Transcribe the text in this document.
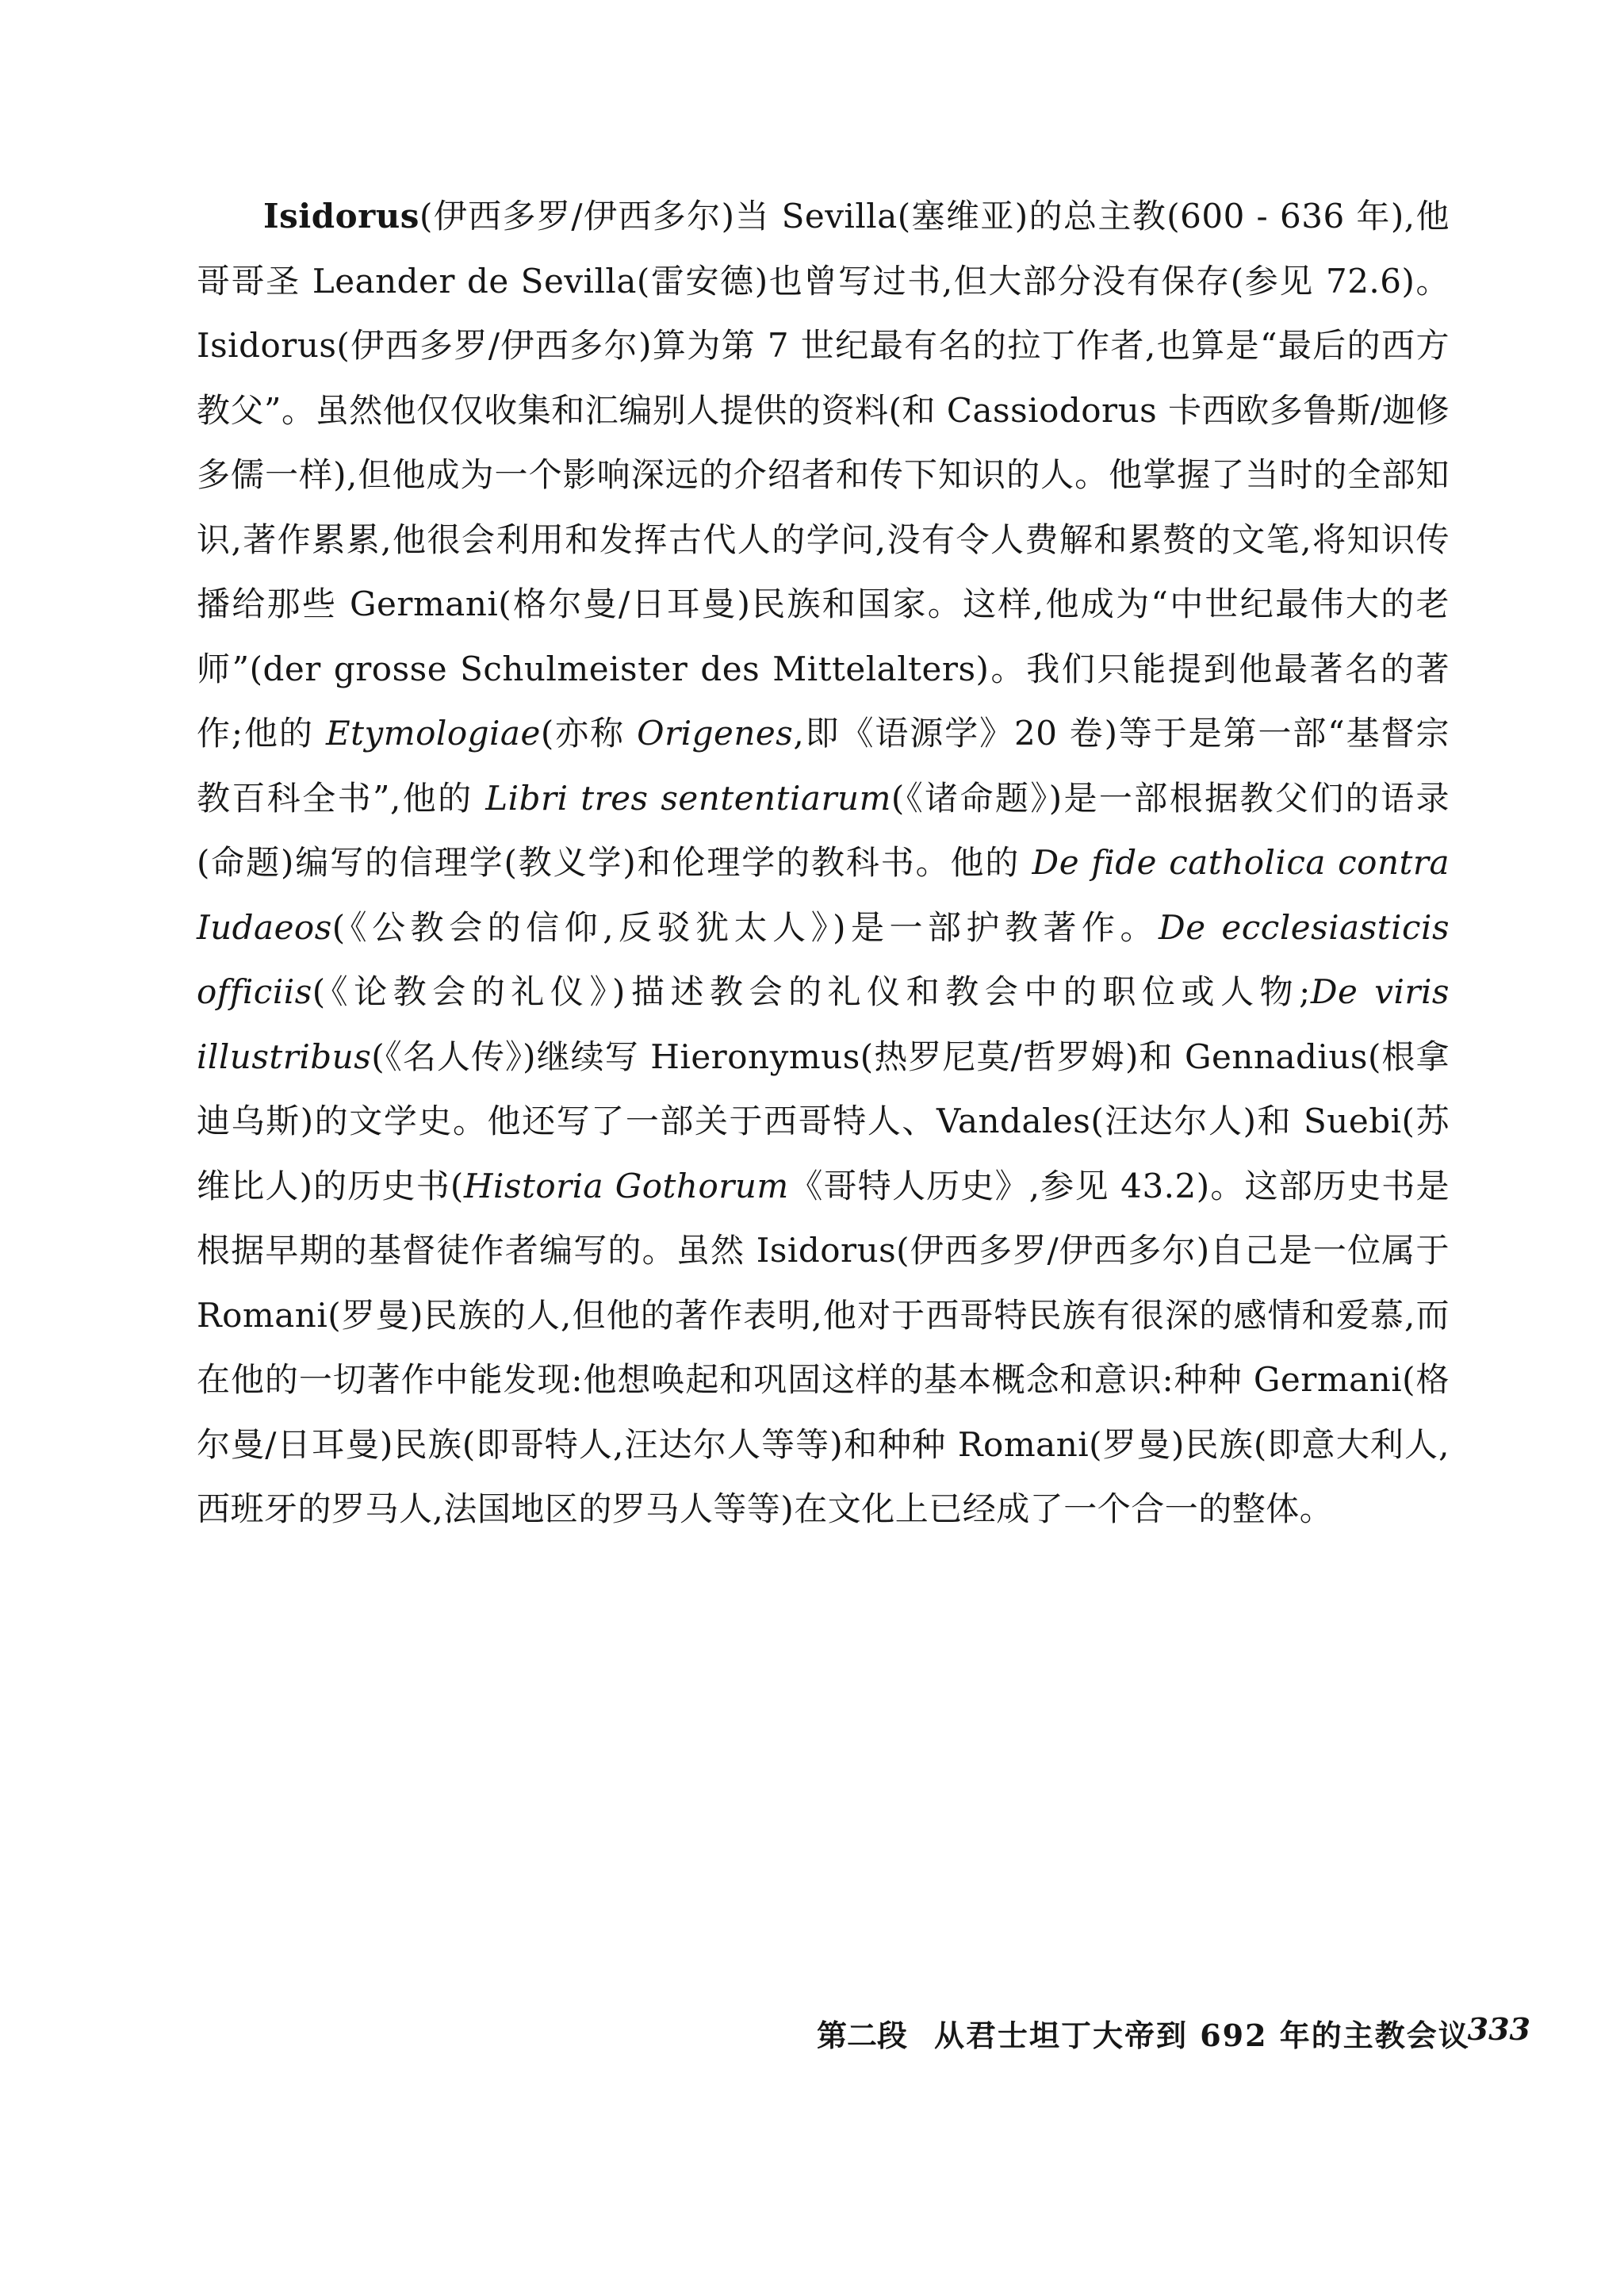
Isidorus(伊西多罗/伊西多尔)当 Sevilla(塞维亚)的总主教(600 - 636 年),他哥哥圣 Leander de Sevilla(雷安德)也曾写过书,但大部分没有保存(参见 72.6)。Isidorus(伊西多罗/伊西多尔)算为第 7 世纪最有名的拉丁作者,也算是“最后的西方教父”。虽然他仅仅收集和汇编别人提供的资料(和 Cassiodorus 卡西欧多鲁斯/迦修多儒一样),但他成为一个影响深远的介绍者和传下知识的人。他掌握了当时的全部知识,著作累累,他很会利用和发挥古代人的学问,没有令人费解和累赘的文笔,将知识传播给那些 Germani(格尔曼/日耳曼)民族和国家。这样,他成为“中世纪最伟大的老师”(der grosse Schulmeister des Mittelalters)。我们只能提到他最著名的著作;他的 Etymologiae(亦称 Origenes,即《语源学》20 卷)等于是第一部“基督宗教百科全书”,他的 Libri tres sententiarum(《诸命题》)是一部根据教父们的语录(命题)编写的信理学(教义学)和伦理学的教科书。他的 De fide catholica contra Iudaeos(《公教会的信仰,反驳犹太人》)是一部护教著作。De ecclesiasticis officiis(《论教会的礼仪》)描述教会的礼仪和教会中的职位或人物;De viris illustribus(《名人传》)继续写 Hieronymus(热罗尼莫/哲罗姆)和 Gennadius(根拿迪乌斯)的文学史。他还写了一部关于西哥特人、Vandales(汪达尔人)和 Suebi(苏维比人)的历史书(Historia Gothorum《哥特人历史》,参见 43.2)。这部历史书是根据早期的基督徒作者编写的。虽然 Isidorus(伊西多罗/伊西多尔)自己是一位属于 Romani(罗曼)民族的人,但他的著作表明,他对于西哥特民族有很深的感情和爱慕,而在他的一切著作中能发现:他想唤起和巩固这样的基本概念和意识:种种 Germani(格尔曼/日耳曼)民族(即哥特人,汪达尔人等等)和种种 Romani(罗曼)民族(即意大利人,西班牙的罗马人,法国地区的罗马人等等)在文化上已经成了一个合一的整体。

第二段 从君士坦丁大帝到 692 年的主教会议
333
